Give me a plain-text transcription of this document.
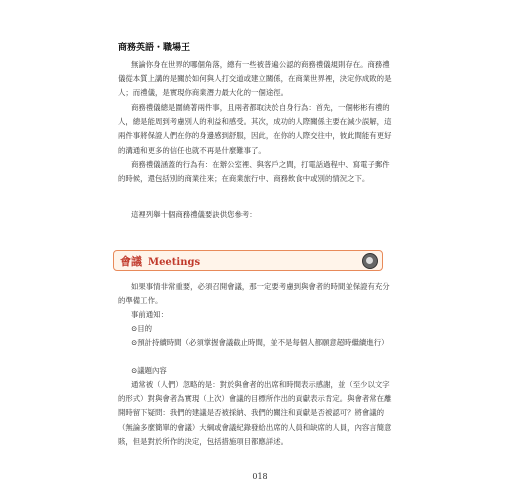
商務英語・職場王

無論你身在世界的哪個角落，總有一些被普遍公認的商務禮儀規則存在。商務禮儀從本質上講的是關於如何與人打交道或建立關係，在商業世界裡，決定你成敗的是人；而禮儀，是實現你商業潛力最大化的一個途徑。

商務禮儀總是圍繞著兩件事，且兩者都取決於自身行為：首先，一個彬彬有禮的人，總是能周到考慮別人的利益和感受。其次，成功的人際關係主要在減少誤解，這兩件事將保證人們在你的身邊感到舒服，因此，在你的人際交往中，彼此間能有更好的溝通和更多的信任也就不再是什麼難事了。

商務禮儀涵蓋的行為有：在辦公室裡、與客戶之間，打電話過程中、寫電子郵件的時候，還包括別的商業往來；在商業旅行中、商務飲食中或別的情況之下。

這裡列舉十個商務禮儀要訣供您參考：

會議 Meetings

如果事情非常重要，必須召開會議，那一定要考慮到與會者的時間並保證有充分的準備工作。

事前通知：

⊙目的

⊙預計持續時間（必須掌握會議截止時間，並不是每個人都願意超時繼續進行）

⊙議題內容

通常被（人們）忽略的是：對於與會者的出席和時間表示感謝，並（至少以文字的形式）對與會者為實現（上次）會議的目標所作出的貢獻表示肯定。與會者常在離開時留下疑問：我們的建議是否被採納、我們的關注和貢獻是否被認可？將會議的（無論多麼簡單的會議）大綱或會議紀錄發給出席的人員和缺席的人員，內容言簡意賅，但是對於所作的決定，包括措施項目都應詳述。

018
